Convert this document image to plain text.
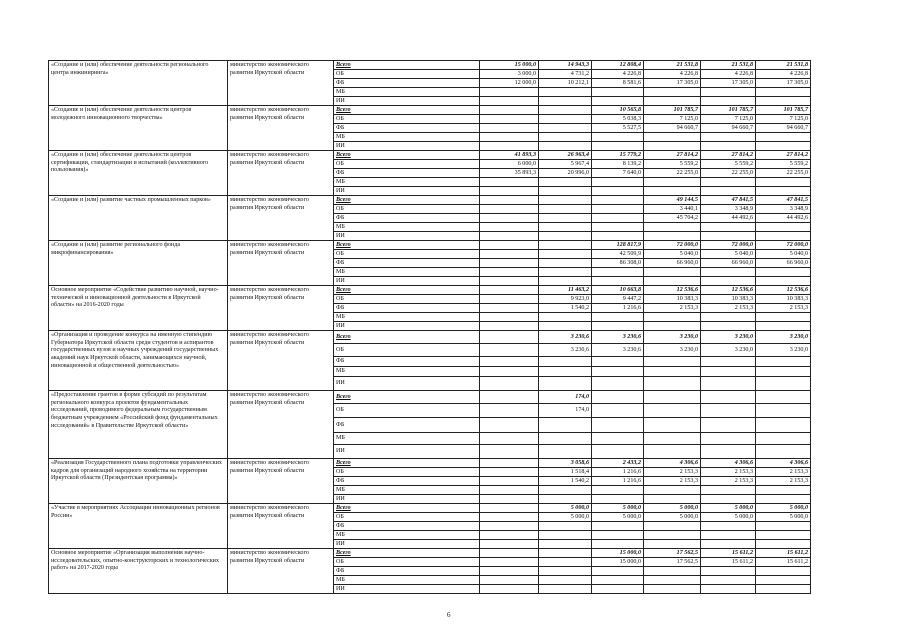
«Создание и (или) обеспечение деятельности регионального центра инжиниринга»	министерство экономического развития Иркутской области	Всего	15 000,0	14 943,3	12 808,4	21 531,8	21 531,8	21 531,8
		ОБ	3 000,0	4 731,2	4 226,8	4 226,8	4 226,8	4 226,8
		ФБ	12 000,0	10 212,1	8 581,6	17 305,0	17 305,0	17 305,0
		МБ						
		ИИ						
«Создание и (или) обеспечение деятельности центров молодежного инновационного творчества»	министерство экономического развития Иркутской области	Всего			10 565,8	101 785,7	101 785,7	101 785,7
		ОБ			5 038,3	7 125,0	7 125,0	7 125,0
		ФБ			5 527,5	94 660,7	94 660,7	94 660,7
		МБ						
		ИИ						
«Создание и (или) обеспечение деятельности центров сертификации, стандартизации и испытаний (коллективного пользования)»	министерство экономического развития Иркутской области	Всего	41 893,3	26 963,4	15 779,2	27 814,2	27 814,2	27 814,2
		ОБ	6 000,0	5 967,4	8 139,2	5 559,2	5 559,2	5 559,2
		ФБ	35 893,3	20 996,0	7 640,0	22 255,0	22 255,0	22 255,0
		МБ						
		ИИ						
«Создание и (или) развитие частных промышленных парков»	министерство экономического развития Иркутской области	Всего				49 144,5	47 841,5	47 841,5
		ОБ				3 440,1	3 348,9	3 348,9
		ФБ				45 704,2	44 492,6	44 492,6
		МБ						
		ИИ						
«Создание и (или) развитие регионального фонда микрофинансирования»	министерство экономического развития Иркутской области	Всего			128 817,9	72 000,0	72 000,0	72 000,0
		ОБ			42 509,9	5 040,0	5 040,0	5 040,0
		ФБ			86 308,0	66 960,0	66 960,0	66 960,0
		МБ						
		ИИ						
Основное мероприятие «Содействие развитию научной, научно-технической и инновационной деятельности в Иркутской области» на 2016-2020 годы	министерство экономического развития Иркутской области	Всего		11 463,2	10 663,8	12 536,6	12 536,6	12 536,6
		ОБ		9 923,0	9 447,2	10 383,3	10 383,3	10 383,3
		ФБ		1 540,2	1 216,6	2 153,3	2 153,3	2 153,3
		МБ						
		ИИ						
«Организация и проведение конкурса на именную стипендию Губернатора Иркутской области среди студентов и аспирантов государственных вузов и научных учреждений государственных академий наук Иркутской области, занимающихся научной, инновационной и общественной деятельностью»	министерство экономического развития Иркутской области	Всего		3 230,6	3 230,6	3 230,0	3 230,0	3 230,0
		ОБ		3 230,6	3 230,6	3 230,0	3 230,0	3 230,0
		ФБ						
		МБ						
		ИИ						
«Предоставление грантов в форме субсидий по результатам регионального конкурса проектов фундаментальных исследований, проводимого федеральным государственным бюджетным учреждением «Российский фонд фундаментальных исследований» в Правительстве Иркутской области»	министерство экономического развития Иркутской области	Всего		174,0				
		ОБ		174,0				
		ФБ						
		МБ						
		ИИ						
«Реализация Государственного плана подготовки управленческих кадров для организаций народного хозяйства на территории Иркутской области (Президентская программа)»	министерство экономического развития Иркутской области	Всего		3 058,6	2 433,2	4 306,6	4 306,6	4 306,6
		ОБ		1 518,4	1 216,6	2 153,3	2 153,3	2 153,3
		ФБ		1 540,2	1 216,6	2 153,3	2 153,3	2 153,3
		МБ						
		ИИ						
«Участие в мероприятиях Ассоциации инновационных регионов России»	министерство экономического развития Иркутской области	Всего		5 000,0	5 000,0	5 000,0	5 000,0	5 000,0
		ОБ		5 000,0	5 000,0	5 000,0	5 000,0	5 000,0
		ФБ						
		МБ						
		ИИ						
Основное мероприятие «Организация выполнения научно-исследовательских, опытно-конструкторских и технологических работ» на 2017-2020 годы	министерство экономического развития Иркутской области	Всего			15 000,0	17 562,5	15 611,2	15 611,2
		ОБ			15 000,0	17 562,5	15 611,2	15 611,2
		ФБ						
		МБ						
		ИИ						
6
